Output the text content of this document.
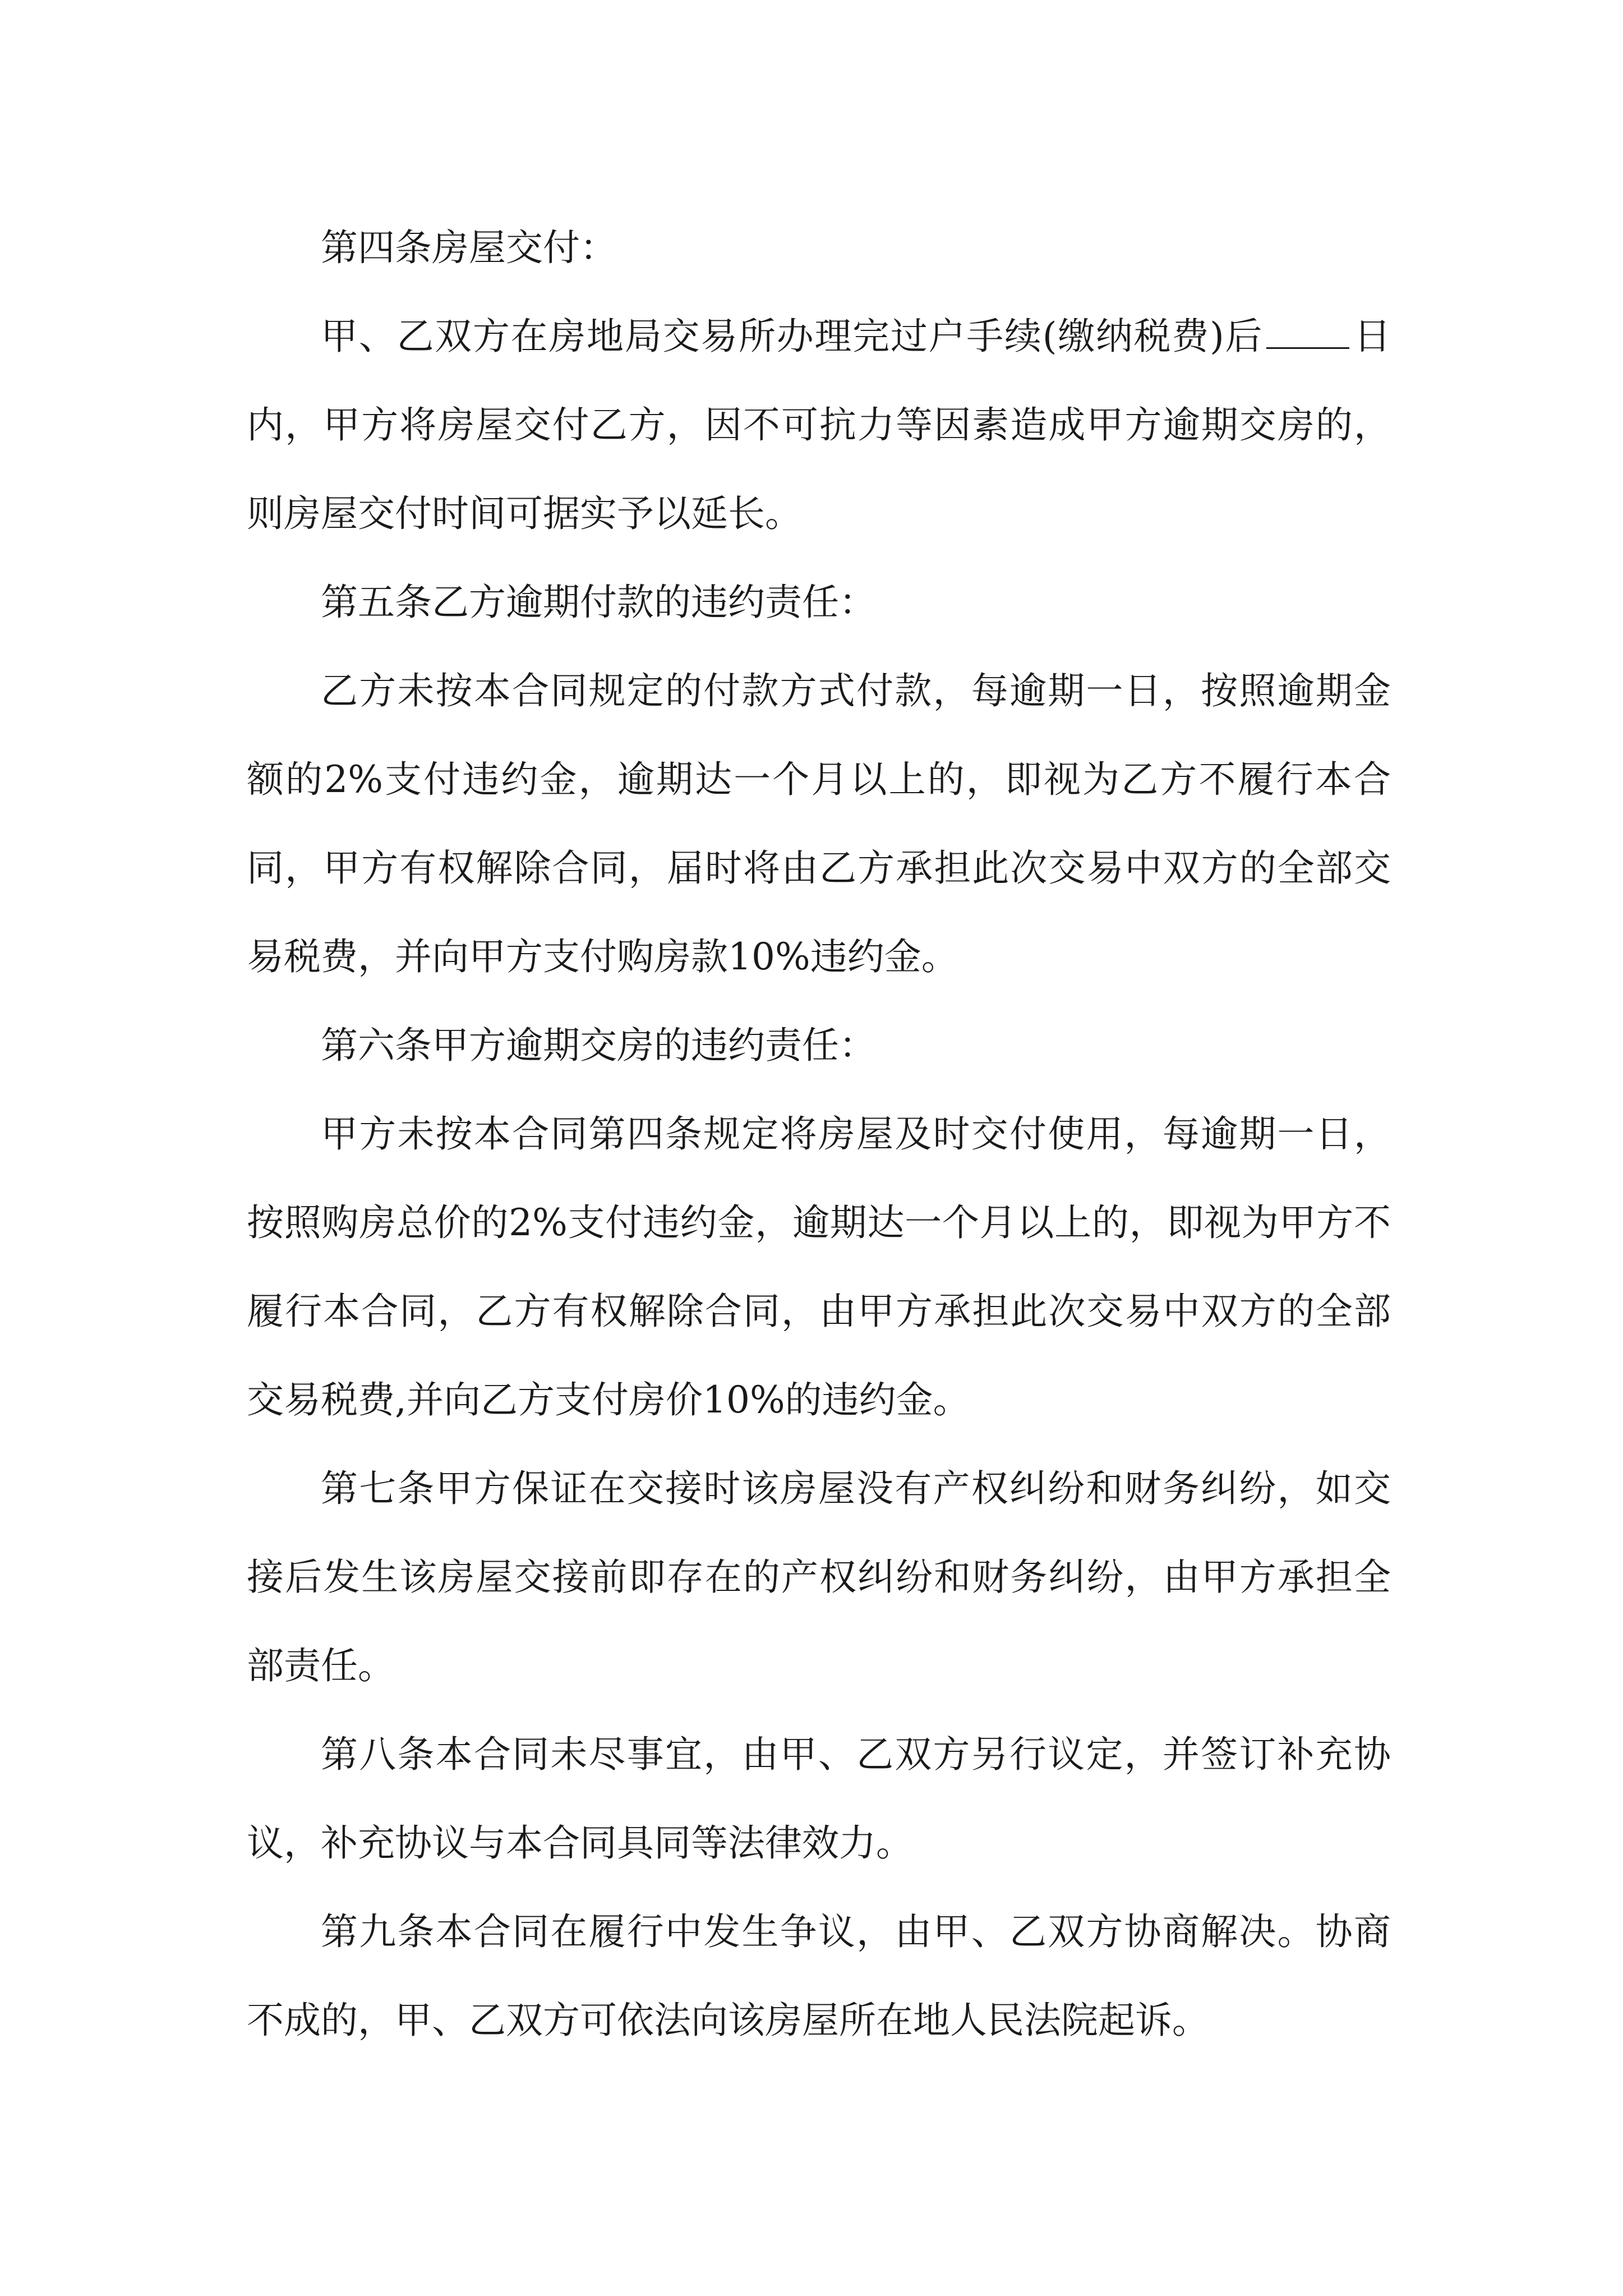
第四条房屋交付：

甲、乙双方在房地局交易所办理完过户手续(缴纳税费)后 日内，甲方将房屋交付乙方，因不可抗力等因素造成甲方逾期交房的，则房屋交付时间可据实予以延长。

第五条乙方逾期付款的违约责任：

乙方未按本合同规定的付款方式付款，每逾期一日，按照逾期金额的2%支付违约金，逾期达一个月以上的，即视为乙方不履行本合同，甲方有权解除合同，届时将由乙方承担此次交易中双方的全部交易税费，并向甲方支付购房款10%违约金。

第六条甲方逾期交房的违约责任：

甲方未按本合同第四条规定将房屋及时交付使用，每逾期一日，按照购房总价的2%支付违约金，逾期达一个月以上的，即视为甲方不履行本合同，乙方有权解除合同，由甲方承担此次交易中双方的全部交易税费,并向乙方支付房价10%的违约金。

第七条甲方保证在交接时该房屋没有产权纠纷和财务纠纷，如交接后发生该房屋交接前即存在的产权纠纷和财务纠纷，由甲方承担全部责任。

第八条本合同未尽事宜，由甲、乙双方另行议定，并签订补充协议，补充协议与本合同具同等法律效力。

第九条本合同在履行中发生争议，由甲、乙双方协商解决。协商不成的，甲、乙双方可依法向该房屋所在地人民法院起诉。
